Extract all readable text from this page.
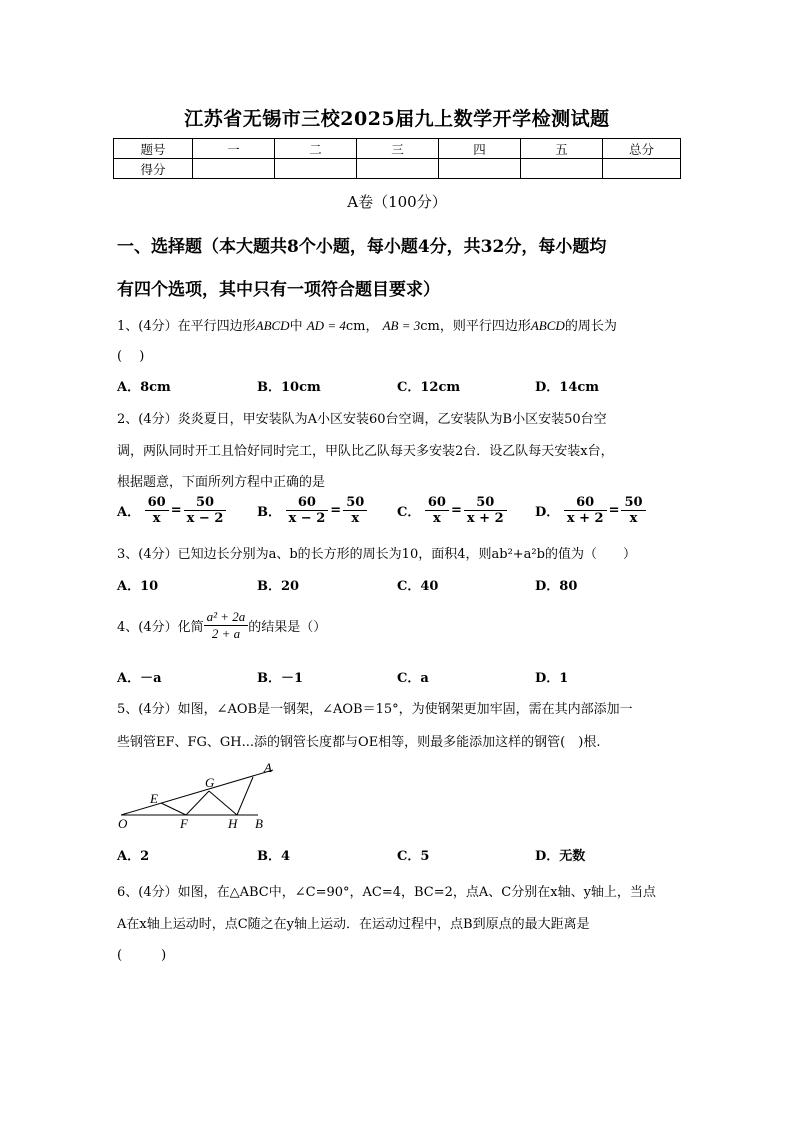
江苏省无锡市三校2025届九上数学开学检测试题
题号	一	二	三	四	五	总分
得分						
A卷（100分）
一、选择题（本大题共8个小题，每小题4分，共32分，每小题均
有四个选项，其中只有一项符合题目要求）
1、(4分）在平行四边形ABCD中 AD = 4cm， AB = 3cm，则平行四边形ABCD的周长为
(　 )
A．8cm	B．10cm	C．12cm	D．14cm
2、(4分）炎炎夏日，甲安装队为A小区安装60台空调，乙安装队为B小区安装50台空
调，两队同时开工且恰好同时完工，甲队比乙队每天多安装2台．设乙队每天安装x台，
根据题意，下面所列方程中正确的是
A． $\frac{60}{x} = \frac{50}{x - 2}$ B． $\frac{60}{x - 2} = \frac{50}{x}$ C． $\frac{60}{x} = \frac{50}{x + 2}$ D． $\frac{60}{x + 2} = \frac{50}{x}$
3、(4分）已知边长分别为a、b的长方形的周长为10，面积4，则ab²+a²b的值为（　　）
A．10	B．20	C．40	D．80
4、(4分）化简 $\frac{\text{a² + 2a}}{2 + a}$ 的结果是（）
A．－a	B．－1	C．a	D．1
5、(4分）如图，∠AOB是一钢架，∠AOB＝15°，为使钢架更加牢固，需在其内部添加一
些钢管EF、FG、GH...添的钢管长度都与OE相等，则最多能添加这样的钢管(　)根.
A
G
E
O	F	H B
A．2	B．4	C．5	D．无数
6、(4分）如图，在△ABC中，∠C=90°，AC=4，BC=2，点A、C分别在x轴、y轴上，当点
A在x轴上运动时，点C随之在y轴上运动．在运动过程中，点B到原点的最大距离是
(　　　)
